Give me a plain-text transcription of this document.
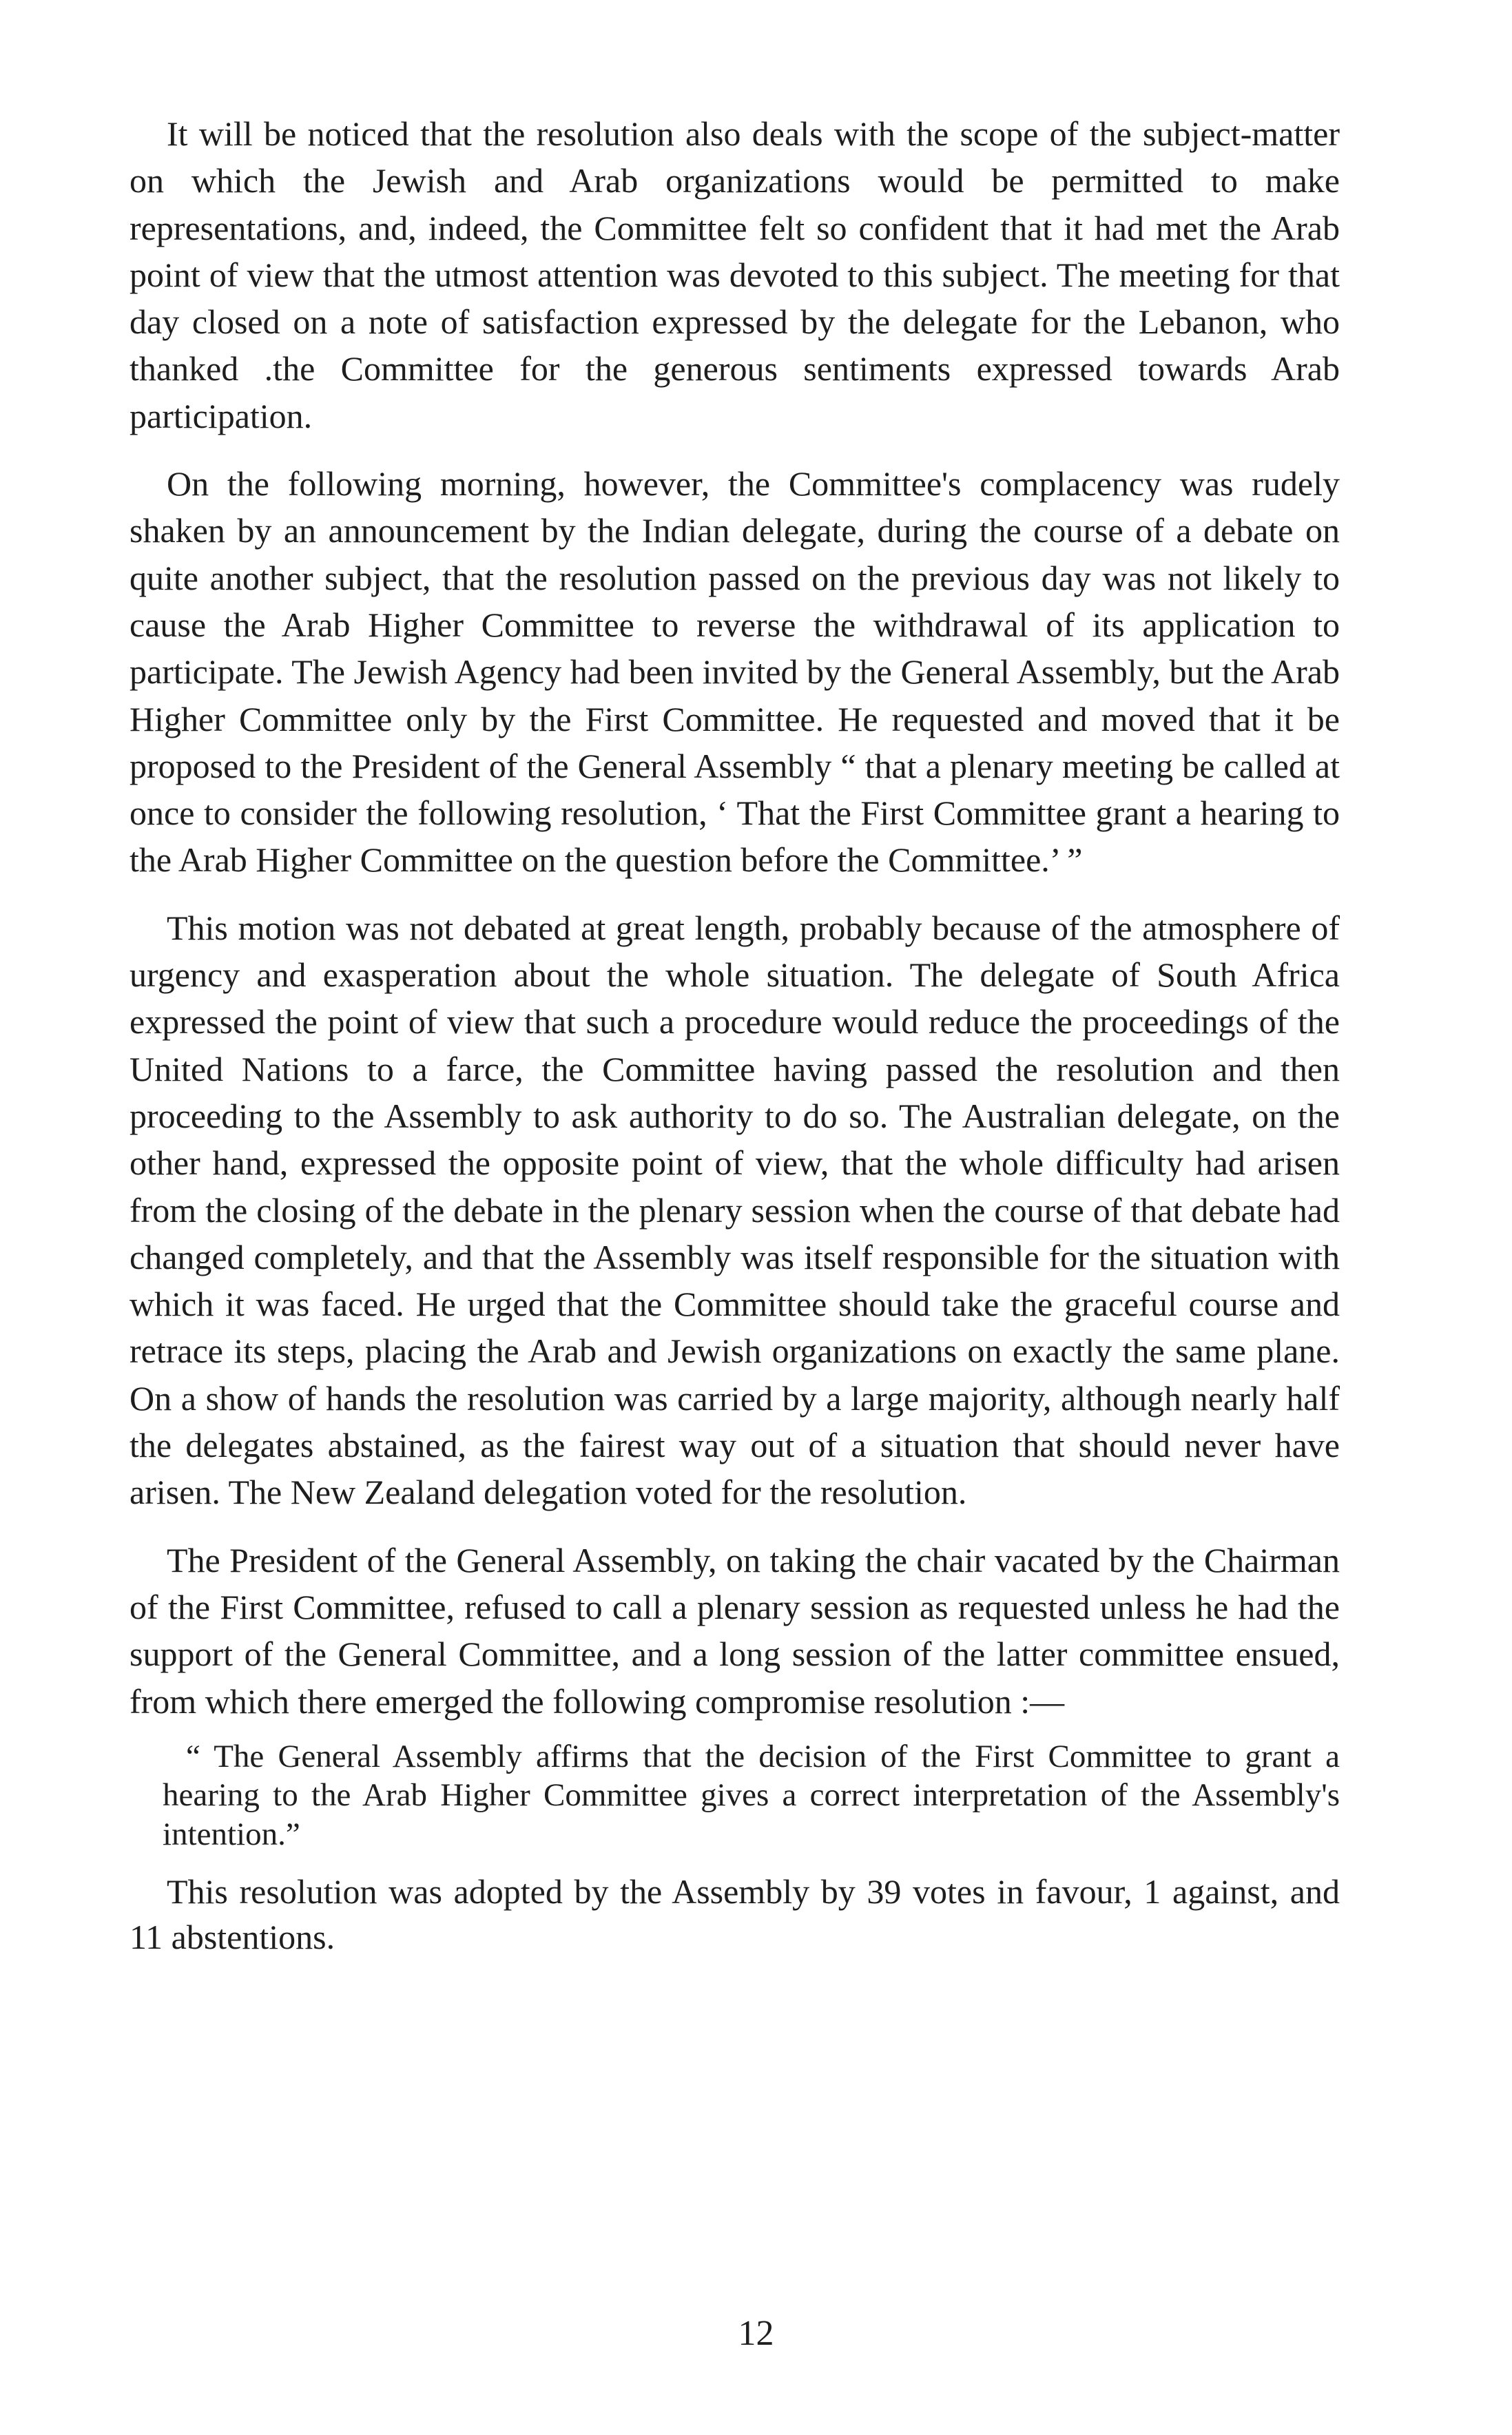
It will be noticed that the resolution also deals with the scope of the subject-matter on which the Jewish and Arab organizations would be permitted to make representations, and, indeed, the Committee felt so confident that it had met the Arab point of view that the utmost attention was devoted to this subject. The meeting for that day closed on a note of satisfaction expressed by the delegate for the Lebanon, who thanked .the Committee for the generous sentiments expressed towards Arab participation.

On the following morning, however, the Committee's complacency was rudely shaken by an announcement by the Indian delegate, during the course of a debate on quite another subject, that the resolution passed on the previous day was not likely to cause the Arab Higher Committee to reverse the withdrawal of its application to participate. The Jewish Agency had been invited by the General Assembly, but the Arab Higher Committee only by the First Committee. He requested and moved that it be proposed to the President of the General Assembly “ that a plenary meeting be called at once to consider the following resolution, ‘ That the First Committee grant a hearing to the Arab Higher Committee on the question before the Committee.’ ”

This motion was not debated at great length, probably because of the atmosphere of urgency and exasperation about the whole situation. The delegate of South Africa expressed the point of view that such a procedure would reduce the proceedings of the United Nations to a farce, the Committee having passed the resolution and then proceeding to the Assembly to ask authority to do so. The Australian delegate, on the other hand, expressed the opposite point of view, that the whole difficulty had arisen from the closing of the debate in the plenary session when the course of that debate had changed completely, and that the Assembly was itself responsible for the situation with which it was faced. He urged that the Committee should take the graceful course and retrace its steps, placing the Arab and Jewish organizations on exactly the same plane. On a show of hands the resolution was carried by a large majority, although nearly half the delegates abstained, as the fairest way out of a situation that should never have arisen. The New Zealand delegation voted for the resolution.

The President of the General Assembly, on taking the chair vacated by the Chairman of the First Committee, refused to call a plenary session as requested unless he had the support of the General Committee, and a long session of the latter committee ensued, from which there emerged the following compromise resolution :—

“ The General Assembly affirms that the decision of the First Committee to grant a hearing to the Arab Higher Committee gives a correct interpretation of the Assembly's intention.”

This resolution was adopted by the Assembly by 39 votes in favour, 1 against, and 11 abstentions.

12
